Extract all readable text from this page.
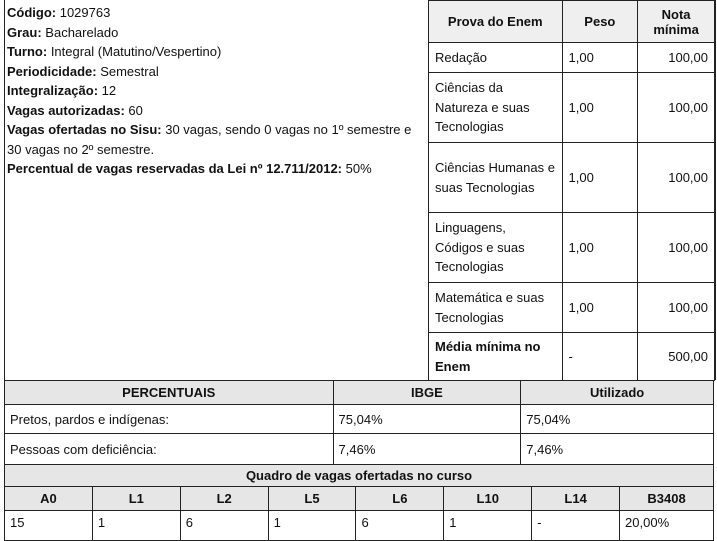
Código: 1029763
Grau: Bacharelado
Turno: Integral (Matutino/Vespertino)
Periodicidade: Semestral
Integralização: 12
Vagas autorizadas: 60
Vagas ofertadas no Sisu: 30 vagas, sendo 0 vagas no 1º semestre e 30 vagas no 2º semestre.
Percentual de vagas reservadas da Lei nº 12.711/2012: 50%
Prova do Enem	Peso	Nota mínima
Redação	1,00	100,00
Ciências da Natureza e suas Tecnologias	1,00	100,00
Ciências Humanas e suas Tecnologias	1,00	100,00
Linguagens, Códigos e suas Tecnologias	1,00	100,00
Matemática e suas Tecnologias	1,00	100,00
Média mínima no Enem	-	500,00
PERCENTUAIS	IBGE	Utilizado
Pretos, pardos e indígenas:	75,04%	75,04%
Pessoas com deficiência:	7,46%	7,46%
Quadro de vagas ofertadas no curso							
A0	L1	L2	L5	L6	L10	L14	B3408
15	1	6	1	6	1	-	20,00%
